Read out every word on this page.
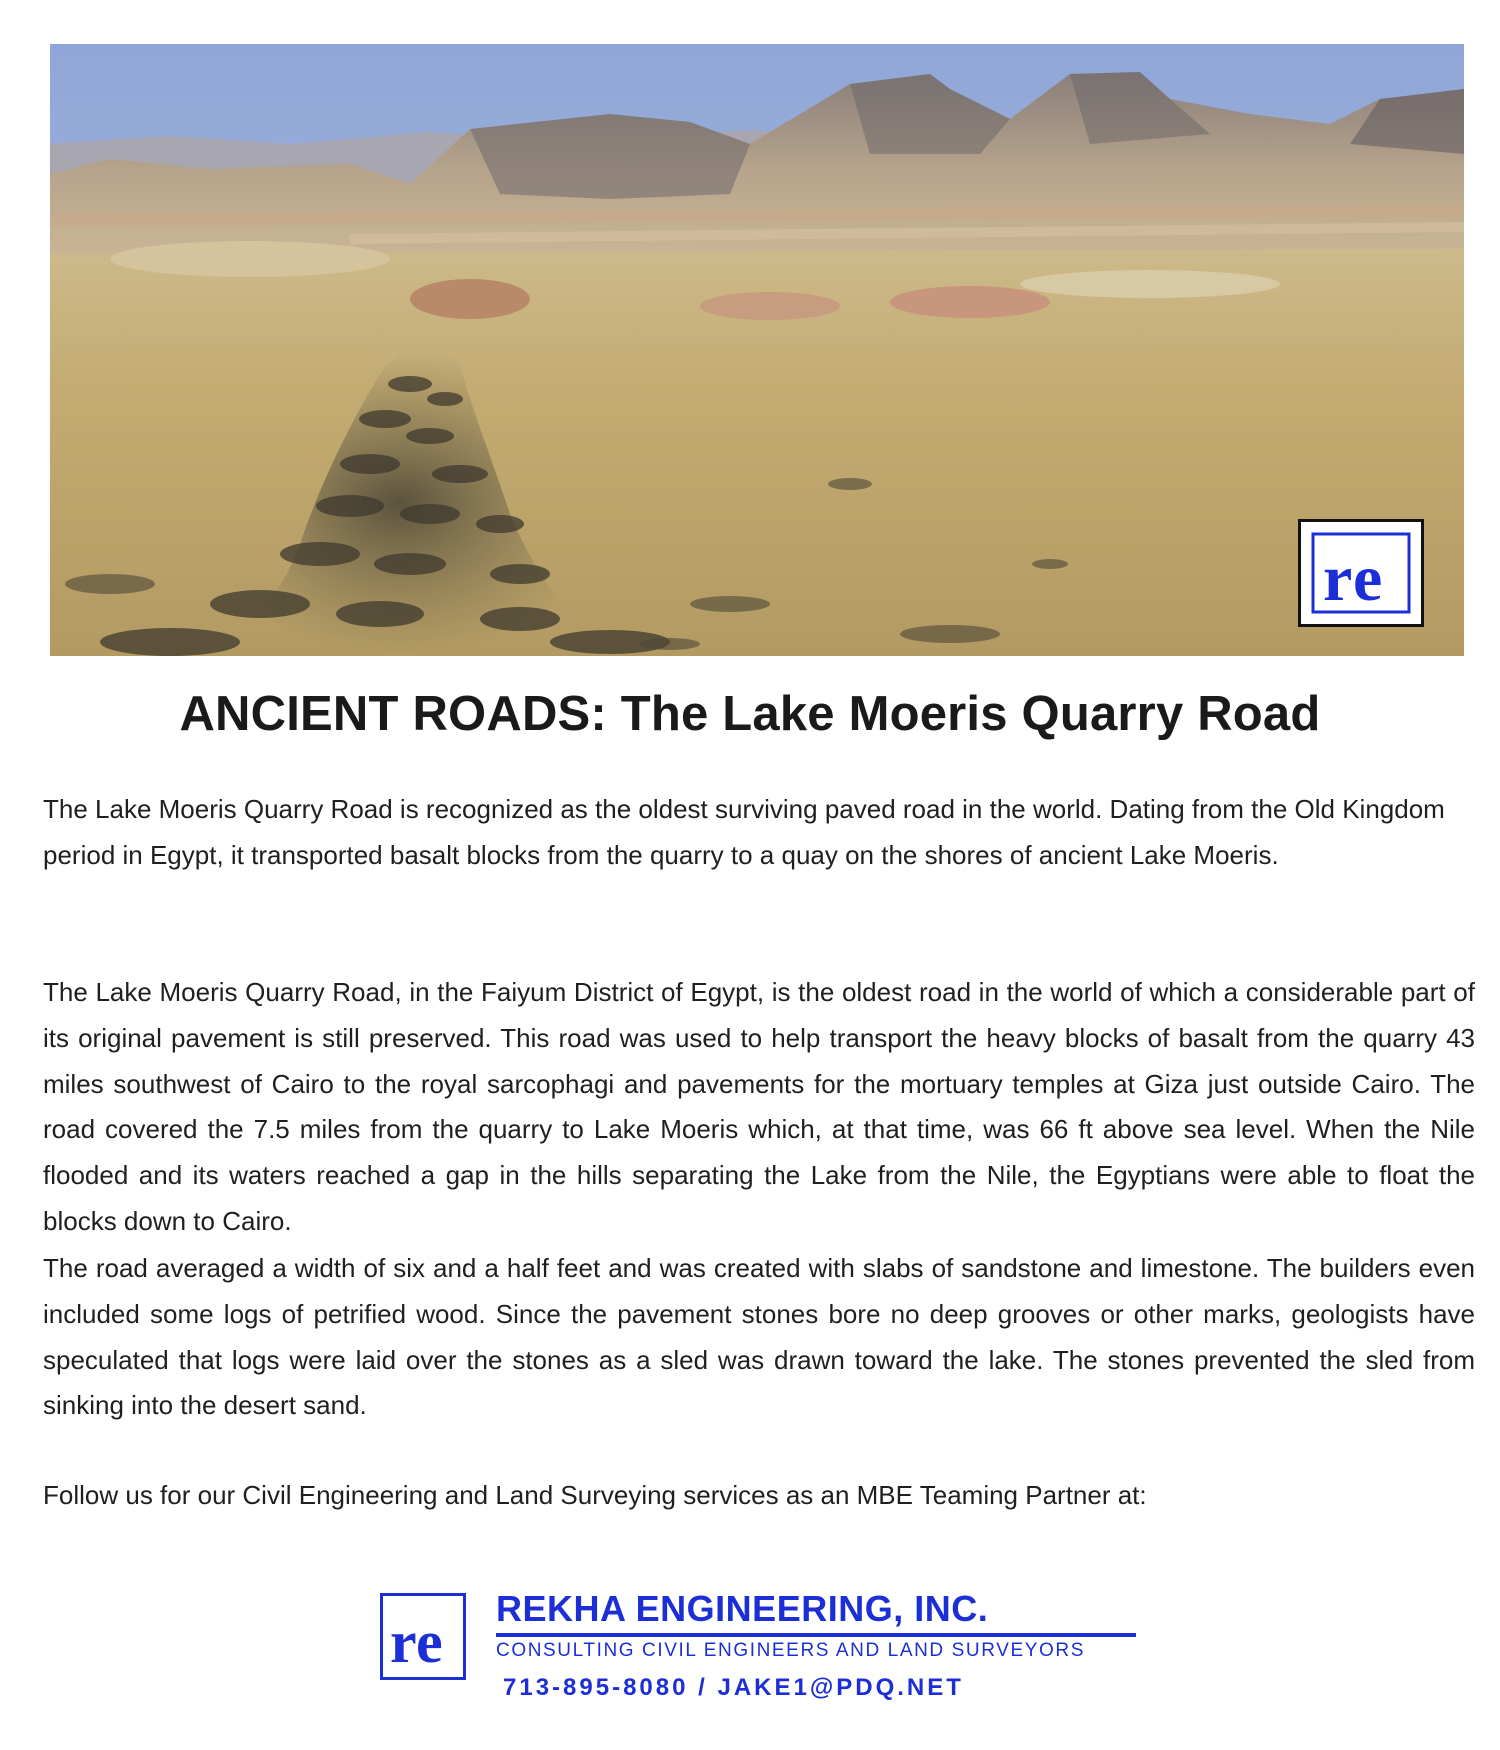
r e
ANCIENT ROADS: The Lake Moeris Quarry Road

The Lake Moeris Quarry Road is recognized as the oldest surviving paved road in the world. Dating from the Old Kingdom period in Egypt, it transported basalt blocks from the quarry to a quay on the shores of ancient Lake Moeris.

The Lake Moeris Quarry Road, in the Faiyum District of Egypt, is the oldest road in the world of which a considerable part of its original pavement is still preserved. This road was used to help transport the heavy blocks of basalt from the quarry 43 miles southwest of Cairo to the royal sarcophagi and pavements for the mortuary temples at Giza just outside Cairo. The road covered the 7.5 miles from the quarry to Lake Moeris which, at that time, was 66 ft above sea level. When the Nile flooded and its waters reached a gap in the hills separating the Lake from the Nile, the Egyptians were able to float the blocks down to Cairo.

The road averaged a width of six and a half feet and was created with slabs of sandstone and limestone. The builders even included some logs of petrified wood. Since the pavement stones bore no deep grooves or other marks, geologists have speculated that logs were laid over the stones as a sled was drawn toward the lake. The stones prevented the sled from sinking into the desert sand.

Follow us for our Civil Engineering and Land Surveying services as an MBE Teaming Partner at:

r e REKHA ENGINEERING, INC.

CONSULTING CIVIL ENGINEERS AND LAND SURVEYORS

713-895-8080 / JAKE1@PDQ.NET
